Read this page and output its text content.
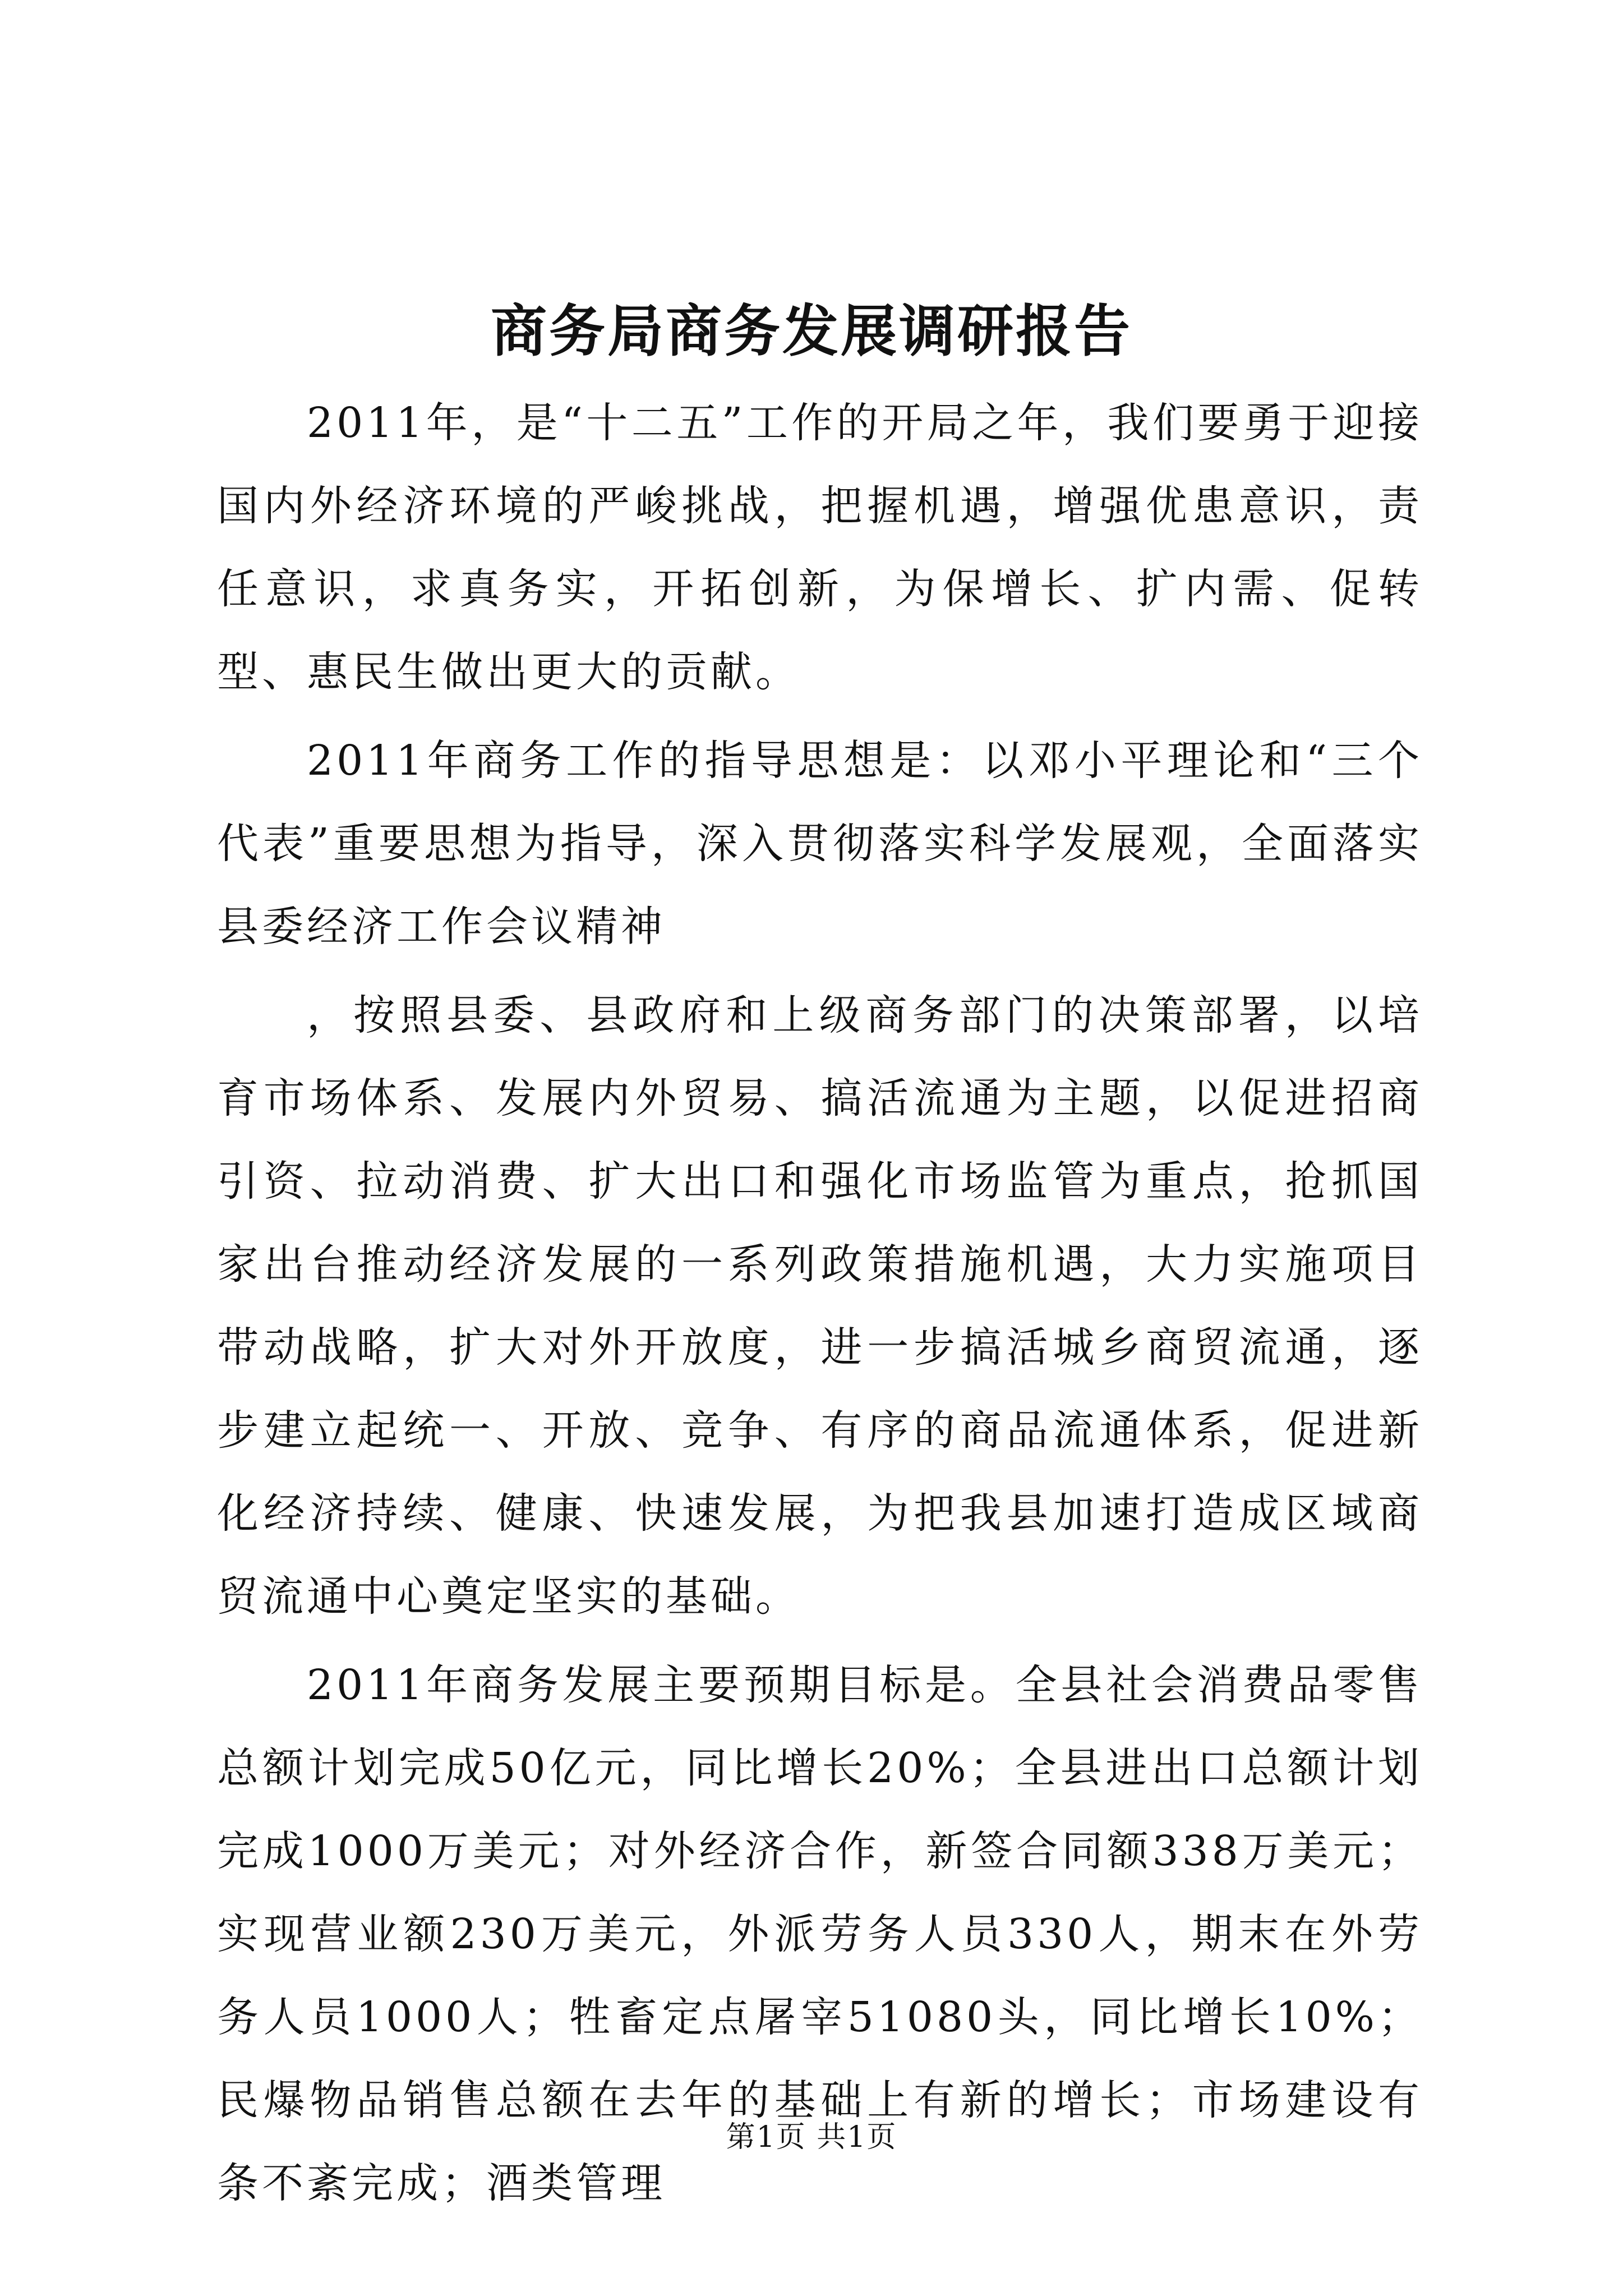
商务局商务发展调研报告

2011年，是“十二五”工作的开局之年，我们要勇于迎接国内外经济环境的严峻挑战，把握机遇，增强优患意识，责任意识，求真务实，开拓创新，为保增长、扩内需、促转型、惠民生做出更大的贡献。

2011年商务工作的指导思想是：以邓小平理论和“三个代表”重要思想为指导，深入贯彻落实科学发展观，全面落实县委经济工作会议精神

，按照县委、县政府和上级商务部门的决策部署，以培育市场体系、发展内外贸易、搞活流通为主题，以促进招商引资、拉动消费、扩大出口和强化市场监管为重点，抢抓国家出台推动经济发展的一系列政策措施机遇，大力实施项目带动战略，扩大对外开放度，进一步搞活城乡商贸流通，逐步建立起统一、开放、竞争、有序的商品流通体系，促进新化经济持续、健康、快速发展，为把我县加速打造成区域商贸流通中心奠定坚实的基础。

2011年商务发展主要预期目标是。全县社会消费品零售总额计划完成50亿元，同比增长20%；全县进出口总额计划完成1000万美元；对外经济合作，新签合同额338万美元；实现营业额230万美元，外派劳务人员330人，期末在外劳务人员1000人；牲畜定点屠宰51080头，同比增长10%；民爆物品销售总额在去年的基础上有新的增长；市场建设有条不紊完成；酒类管理

第1页 共1页
